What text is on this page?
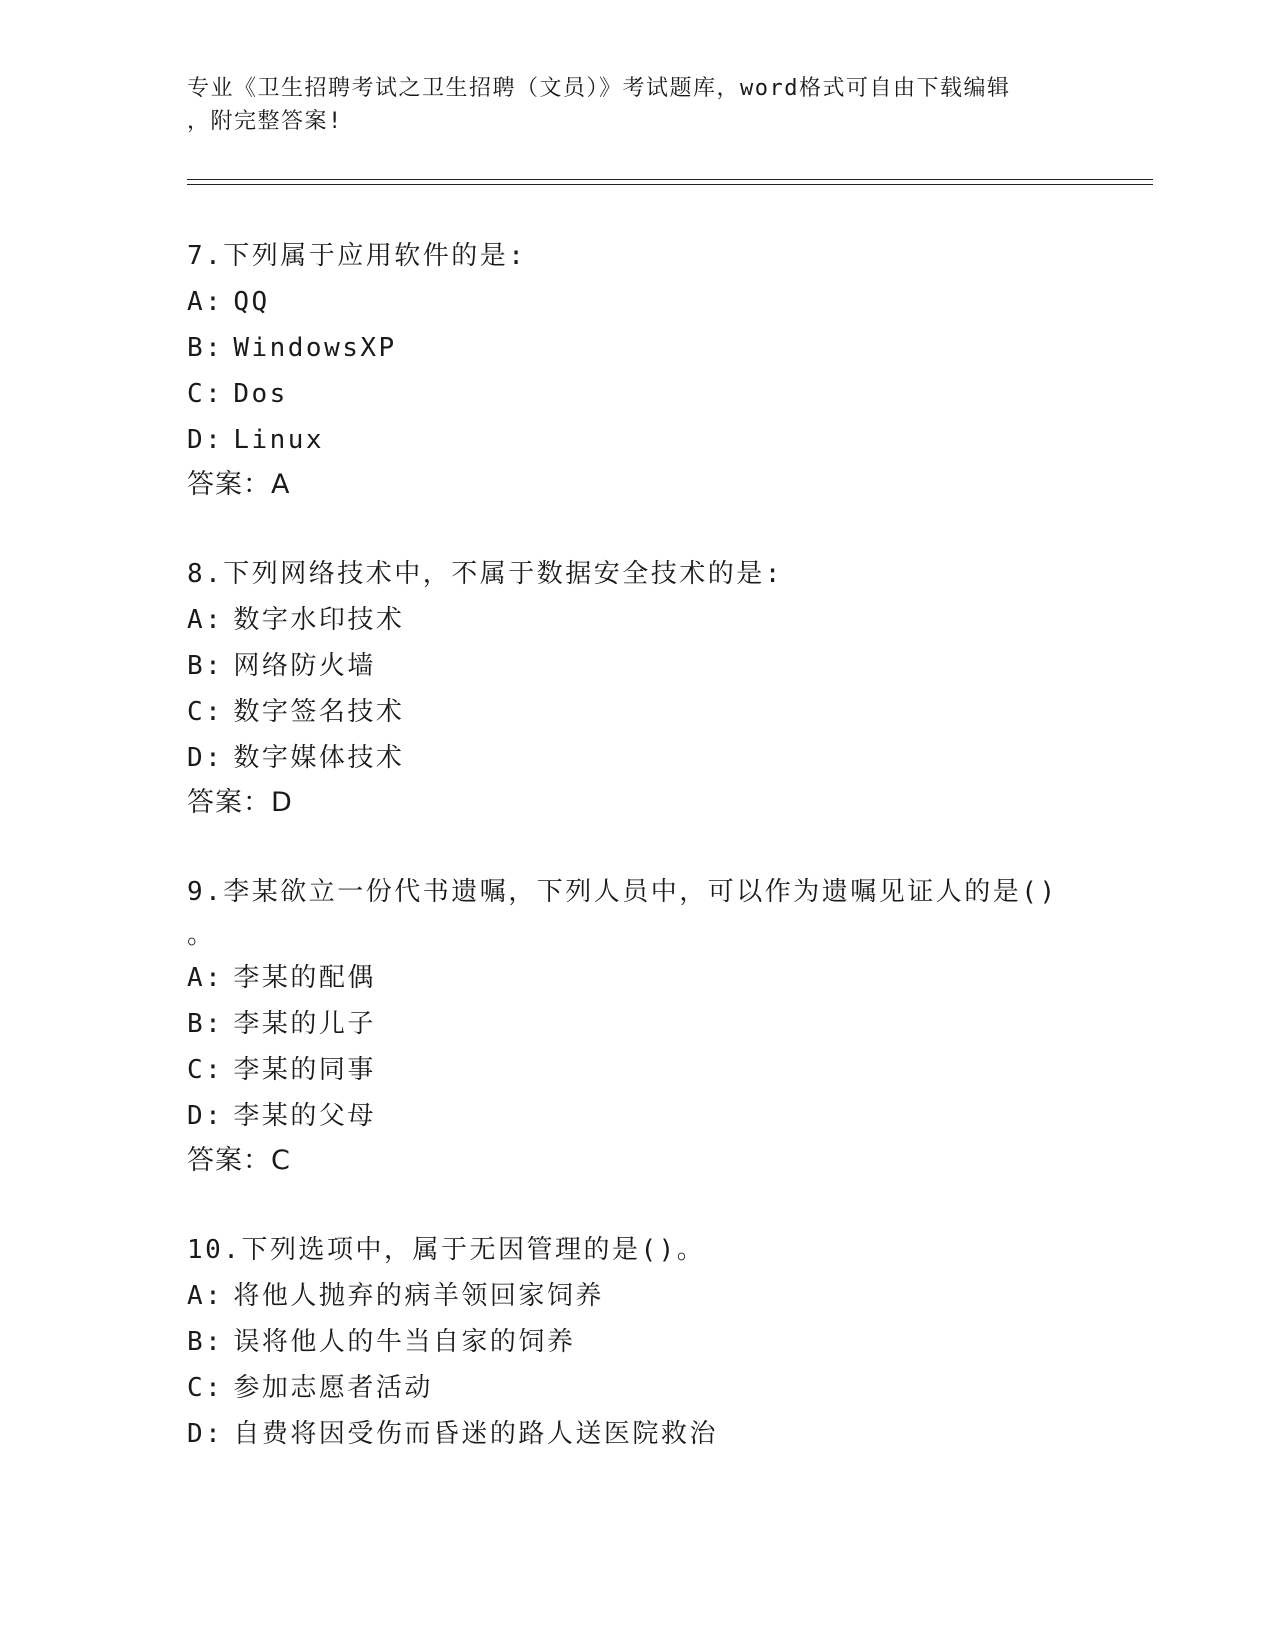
专业《卫生招聘考试之卫生招聘（文员）》考试题库，word格式可自由下载编辑
，附完整答案!
7.下列属于应用软件的是:
A: QQ
B: WindowsXP
C: Dos
D: Linux
答案：A
8.下列网络技术中，不属于数据安全技术的是:
A: 数字水印技术
B: 网络防火墙
C: 数字签名技术
D: 数字媒体技术
答案：D
9.李某欲立一份代书遗嘱，下列人员中，可以作为遗嘱见证人的是()
。
A: 李某的配偶
B: 李某的儿子
C: 李某的同事
D: 李某的父母
答案：C
10.下列选项中，属于无因管理的是()。
A: 将他人抛弃的病羊领回家饲养
B: 误将他人的牛当自家的饲养
C: 参加志愿者活动
D: 自费将因受伤而昏迷的路人送医院救治
